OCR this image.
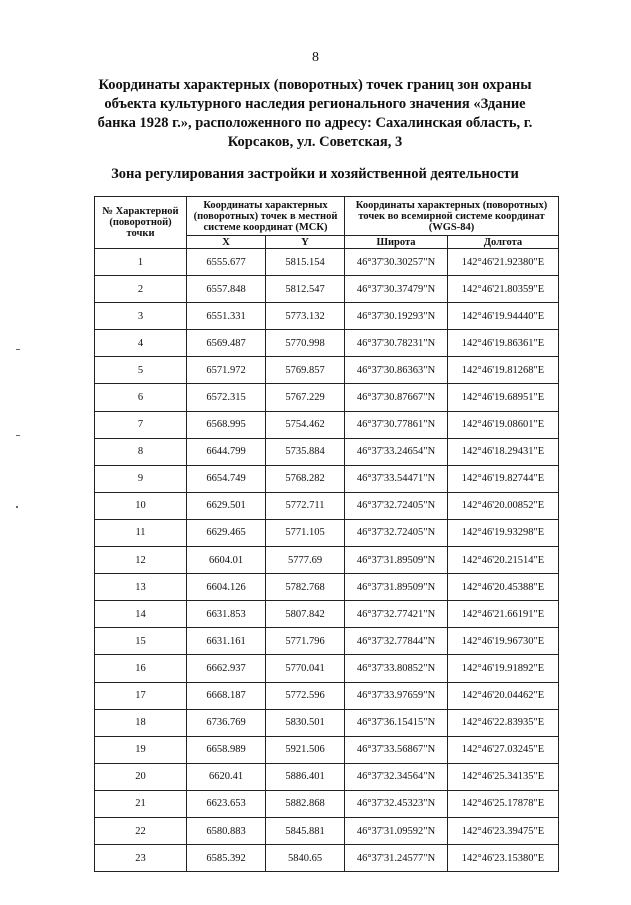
8
Координаты характерных (поворотных) точек границ зон охраны объекта культурного наследия регионального значения «Здание банка 1928 г.», расположенного по адресу: Сахалинская область, г. Корсаков, ул. Советская, 3
Зона регулирования застройки и хозяйственной деятельности
№ Характерной (поворотной) точки	Координаты характерных (поворотных) точек в местной системе координат (МСК)		Координаты характерных (поворотных) точек во всемирной системе координат (WGS-84)	
	X	Y	Широта	Долгота
1	6555.677	5815.154	46°37'30.30257"N	142°46'21.92380"E
2	6557.848	5812.547	46°37'30.37479"N	142°46'21.80359"E
3	6551.331	5773.132	46°37'30.19293"N	142°46'19.94440"E
4	6569.487	5770.998	46°37'30.78231"N	142°46'19.86361"E
5	6571.972	5769.857	46°37'30.86363"N	142°46'19.81268"E
6	6572.315	5767.229	46°37'30.87667"N	142°46'19.68951"E
7	6568.995	5754.462	46°37'30.77861"N	142°46'19.08601"E
8	6644.799	5735.884	46°37'33.24654"N	142°46'18.29431"E
9	6654.749	5768.282	46°37'33.54471"N	142°46'19.82744"E
10	6629.501	5772.711	46°37'32.72405"N	142°46'20.00852"E
11	6629.465	5771.105	46°37'32.72405"N	142°46'19.93298"E
12	6604.01	5777.69	46°37'31.89509"N	142°46'20.21514"E
13	6604.126	5782.768	46°37'31.89509"N	142°46'20.45388"E
14	6631.853	5807.842	46°37'32.77421"N	142°46'21.66191"E
15	6631.161	5771.796	46°37'32.77844"N	142°46'19.96730"E
16	6662.937	5770.041	46°37'33.80852"N	142°46'19.91892"E
17	6668.187	5772.596	46°37'33.97659"N	142°46'20.04462"E
18	6736.769	5830.501	46°37'36.15415"N	142°46'22.83935"E
19	6658.989	5921.506	46°37'33.56867"N	142°46'27.03245"E
20	6620.41	5886.401	46°37'32.34564"N	142°46'25.34135"E
21	6623.653	5882.868	46°37'32.45323"N	142°46'25.17878"E
22	6580.883	5845.881	46°37'31.09592"N	142°46'23.39475"E
23	6585.392	5840.65	46°37'31.24577"N	142°46'23.15380"E
